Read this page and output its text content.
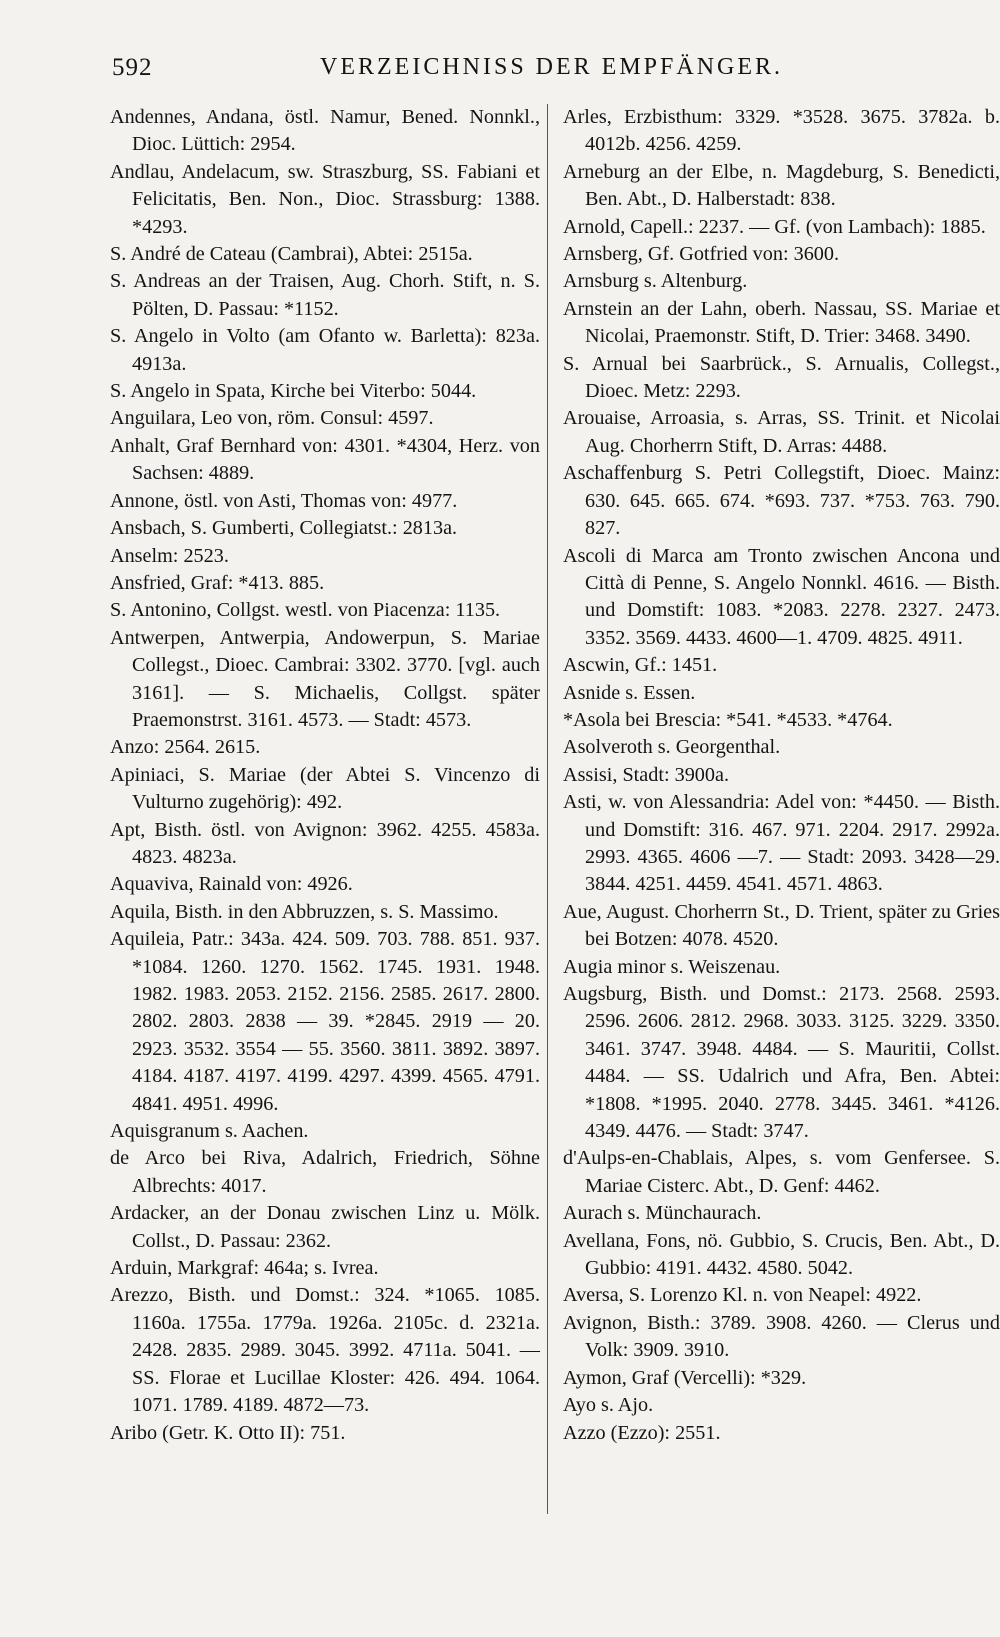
592	VERZEICHNISS DER EMPFÄNGER.
Andennes, Andana, östl. Namur, Bened. Nonnkl., Dioc. Lüttich: 2954.
Andlau, Andelacum, sw. Straszburg, SS. Fabiani et Felicitatis, Ben. Non., Dioc. Strassburg: 1388. *4293.
S. André de Cateau (Cambrai), Abtei: 2515a.
S. Andreas an der Traisen, Aug. Chorh. Stift, n. S. Pölten, D. Passau: *1152.
S. Angelo in Volto (am Ofanto w. Barletta): 823a. 4913a.
S. Angelo in Spata, Kirche bei Viterbo: 5044.
Anguilara, Leo von, röm. Consul: 4597.
Anhalt, Graf Bernhard von: 4301. *4304, Herz. von Sachsen: 4889.
Annone, östl. von Asti, Thomas von: 4977.
Ansbach, S. Gumberti, Collegiatst.: 2813a.
Anselm: 2523.
Ansfried, Graf: *413. 885.
S. Antonino, Collgst. westl. von Piacenza: 1135.
Antwerpen, Antwerpia, Andowerpun, S. Mariae Collegst., Dioec. Cambrai: 3302. 3770. [vgl. auch 3161]. — S. Michaelis, Collgst. später Praemonstrst. 3161. 4573. — Stadt: 4573.
Anzo: 2564. 2615.
Apiniaci, S. Mariae (der Abtei S. Vincenzo di Vulturno zugehörig): 492.
Apt, Bisth. östl. von Avignon: 3962. 4255. 4583a. 4823. 4823a.
Aquaviva, Rainald von: 4926.
Aquila, Bisth. in den Abbruzzen, s. S. Massimo.
Aquileia, Patr.: 343a. 424. 509. 703. 788. 851. 937. *1084. 1260. 1270. 1562. 1745. 1931. 1948. 1982. 1983. 2053. 2152. 2156. 2585. 2617. 2800. 2802. 2803. 2838 — 39. *2845. 2919 — 20. 2923. 3532. 3554 — 55. 3560. 3811. 3892. 3897. 4184. 4187. 4197. 4199. 4297. 4399. 4565. 4791. 4841. 4951. 4996.
Aquisgranum s. Aachen.
de Arco bei Riva, Adalrich, Friedrich, Söhne Albrechts: 4017.
Ardacker, an der Donau zwischen Linz u. Mölk. Collst., D. Passau: 2362.
Arduin, Markgraf: 464a; s. Ivrea.
Arezzo, Bisth. und Domst.: 324. *1065. 1085. 1160a. 1755a. 1779a. 1926a. 2105c. d. 2321a. 2428. 2835. 2989. 3045. 3992. 4711a. 5041. — SS. Florae et Lucillae Kloster: 426. 494. 1064. 1071. 1789. 4189. 4872—73.
Aribo (Getr. K. Otto II): 751.
Arles, Erzbisthum: 3329. *3528. 3675. 3782a. b. 4012b. 4256. 4259.
Arneburg an der Elbe, n. Magdeburg, S. Benedicti, Ben. Abt., D. Halberstadt: 838.
Arnold, Capell.: 2237. — Gf. (von Lambach): 1885.
Arnsberg, Gf. Gotfried von: 3600.
Arnsburg s. Altenburg.
Arnstein an der Lahn, oberh. Nassau, SS. Mariae et Nicolai, Praemonstr. Stift, D. Trier: 3468. 3490.
S. Arnual bei Saarbrück., S. Arnualis, Collegst., Dioec. Metz: 2293.
Arouaise, Arroasia, s. Arras, SS. Trinit. et Nicolai Aug. Chorherrn Stift, D. Arras: 4488.
Aschaffenburg S. Petri Collegstift, Dioec. Mainz: 630. 645. 665. 674. *693. 737. *753. 763. 790. 827.
Ascoli di Marca am Tronto zwischen Ancona und Città di Penne, S. Angelo Nonnkl. 4616. — Bisth. und Domstift: 1083. *2083. 2278. 2327. 2473. 3352. 3569. 4433. 4600—1. 4709. 4825. 4911.
Ascwin, Gf.: 1451.
Asnide s. Essen.
*Asola bei Brescia: *541. *4533. *4764.
Asolveroth s. Georgenthal.
Assisi, Stadt: 3900a.
Asti, w. von Alessandria: Adel von: *4450. — Bisth. und Domstift: 316. 467. 971. 2204. 2917. 2992a. 2993. 4365. 4606 —7. — Stadt: 2093. 3428—29. 3844. 4251. 4459. 4541. 4571. 4863.
Aue, August. Chorherrn St., D. Trient, später zu Gries bei Botzen: 4078. 4520.
Augia minor s. Weiszenau.
Augsburg, Bisth. und Domst.: 2173. 2568. 2593. 2596. 2606. 2812. 2968. 3033. 3125. 3229. 3350. 3461. 3747. 3948. 4484. — S. Mauritii, Collst. 4484. — SS. Udalrich und Afra, Ben. Abtei: *1808. *1995. 2040. 2778. 3445. 3461. *4126. 4349. 4476. — Stadt: 3747.
d'Aulps-en-Chablais, Alpes, s. vom Genfersee. S. Mariae Cisterc. Abt., D. Genf: 4462.
Aurach s. Münchaurach.
Avellana, Fons, nö. Gubbio, S. Crucis, Ben. Abt., D. Gubbio: 4191. 4432. 4580. 5042.
Aversa, S. Lorenzo Kl. n. von Neapel: 4922.
Avignon, Bisth.: 3789. 3908. 4260. — Clerus und Volk: 3909. 3910.
Aymon, Graf (Vercelli): *329.
Ayo s. Ajo.
Azzo (Ezzo): 2551.
